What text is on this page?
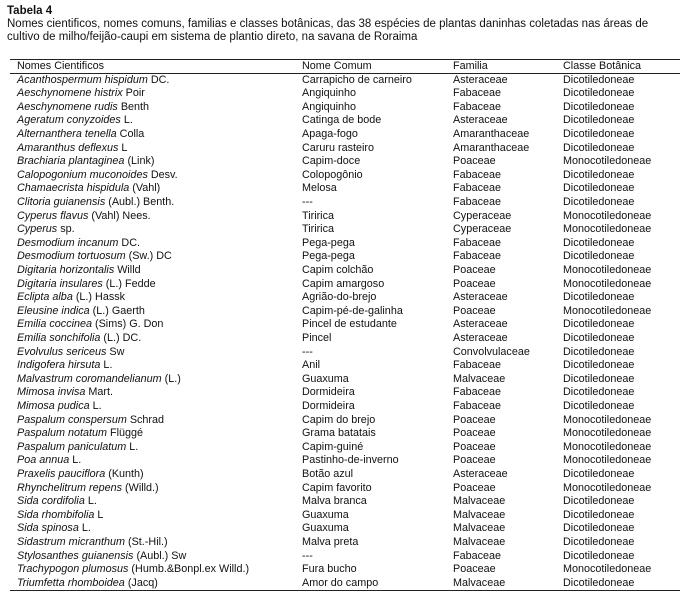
Tabela 4
Nomes cientificos, nomes comuns, familias e classes botânicas, das 38 espécies de plantas daninhas coletadas nas áreas de cultivo de milho/feijão-caupi em sistema de plantio direto, na savana de Roraima
Nomes Cientificos	Nome Comum	Familia	Classe Botânica
Acanthospermum hispidum DC.	Carrapicho de carneiro	Asteraceae	Dicotiledoneae
Aeschynomene histrix Poir	Angiquinho	Fabaceae	Dicotiledoneae
Aeschynomene rudis Benth	Angiquinho	Fabaceae	Dicotiledoneae
Ageratum conyzoides L.	Catinga de bode	Asteraceae	Dicotiledoneae
Alternanthera tenella Colla	Apaga-fogo	Amaranthaceae	Dicotiledoneae
Amaranthus deflexus L	Caruru rasteiro	Amaranthaceae	Dicotiledoneae
Brachiaria plantaginea (Link)	Capim-doce	Poaceae	Monocotiledoneae
Calopogonium muconoides Desv.	Colopogônio	Fabaceae	Dicotiledoneae
Chamaecrista hispidula (Vahl)	Melosa	Fabaceae	Dicotiledoneae
Clitoria guianensis (Aubl.) Benth.	---	Fabaceae	Dicotiledoneae
Cyperus flavus (Vahl) Nees.	Tiririca	Cyperaceae	Monocotiledoneae
Cyperus sp.	Tiririca	Cyperaceae	Monocotiledoneae
Desmodium incanum DC.	Pega-pega	Fabaceae	Dicotiledoneae
Desmodium tortuosum (Sw.) DC	Pega-pega	Fabaceae	Dicotiledoneae
Digitaria horizontalis Willd	Capim colchão	Poaceae	Monocotiledoneae
Digitaria insulares (L.) Fedde	Capim amargoso	Poaceae	Monocotiledoneae
Eclipta alba (L.) Hassk	Agrião-do-brejo	Asteraceae	Dicotiledoneae
Eleusine indica (L.) Gaerth	Capim-pé-de-galinha	Poaceae	Monocotiledoneae
Emilia coccinea (Sims) G. Don	Pincel de estudante	Asteraceae	Dicotiledoneae
Emilia sonchifolia (L.) DC.	Pincel	Asteraceae	Dicotiledoneae
Evolvulus sericeus Sw	---	Convolvulaceae	Dicotiledoneae
Indigofera hirsuta L.	Anil	Fabaceae	Dicotiledoneae
Malvastrum coromandelianum (L.)	Guaxuma	Malvaceae	Dicotiledoneae
Mimosa invisa Mart.	Dormideira	Fabaceae	Dicotiledoneae
Mimosa pudica L.	Dormideira	Fabaceae	Dicotiledoneae
Paspalum conspersum Schrad	Capim do brejo	Poaceae	Monocotiledoneae
Paspalum notatum Flüggé	Grama batatais	Poaceae	Monocotiledoneae
Paspalum paniculatum L.	Capim-guiné	Poaceae	Monocotiledoneae
Poa annua L.	Pastinho-de-inverno	Poaceae	Monocotiledoneae
Praxelis pauciflora (Kunth)	Botão azul	Asteraceae	Dicotiledoneae
Rhynchelitrum repens (Willd.)	Capim favorito	Poaceae	Monocotiledoneae
Sida cordifolia L.	Malva branca	Malvaceae	Dicotiledoneae
Sida rhombifolia L	Guaxuma	Malvaceae	Dicotiledoneae
Sida spinosa L.	Guaxuma	Malvaceae	Dicotiledoneae
Sidastrum micranthum (St.-Hil.)	Malva preta	Malvaceae	Dicotiledoneae
Stylosanthes guianensis (Aubl.) Sw	---	Fabaceae	Dicotiledoneae
Trachypogon plumosus (Humb.&Bonpl.ex Willd.)	Fura bucho	Poaceae	Monocotiledoneae
Triumfetta rhomboidea (Jacq)	Amor do campo	Malvaceae	Dicotiledoneae
